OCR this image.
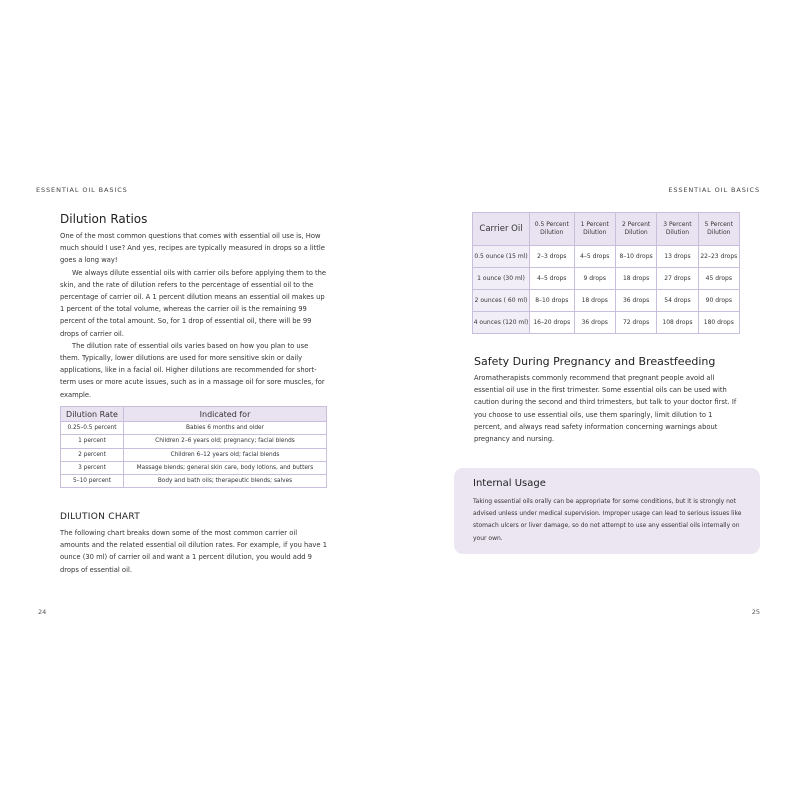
ESSENTIAL OIL BASICS
Dilution Ratios

One of the most common questions that comes with essential oil use is, How much should I use? And yes, recipes are typically measured in drops so a little goes a long way!

We always dilute essential oils with carrier oils before applying them to the skin, and the rate of dilution refers to the percentage of essential oil to the percentage of carrier oil. A 1 percent dilution means an essential oil makes up 1 percent of the total volume, whereas the carrier oil is the remaining 99 percent of the total amount. So, for 1 drop of essential oil, there will be 99 drops of carrier oil.

The dilution rate of essential oils varies based on how you plan to use them. Typically, lower dilutions are used for more sensitive skin or daily applications, like in a facial oil. Higher dilutions are recommended for short-term uses or more acute issues, such as in a massage oil for sore muscles, for example.

Dilution Rate	Indicated for
0.25–0.5 percent	Babies 6 months and older
1 percent	Children 2–6 years old; pregnancy; facial blends
2 percent	Children 6–12 years old; facial blends
3 percent	Massage blends; general skin care, body lotions, and butters
5–10 percent	Body and bath oils; therapeutic blends; salves
DILUTION CHART

The following chart breaks down some of the most common carrier oil amounts and the related essential oil dilution rates. For example, if you have 1 ounce (30 ml) of carrier oil and want a 1 percent dilution, you would add 9 drops of essential oil.

24
ESSENTIAL OIL BASICS
Carrier Oil	0.5 Percent Dilution	1 Percent Dilution	2 Percent Dilution	3 Percent Dilution	5 Percent Dilution
0.5 ounce (15 ml)	2–3 drops	4–5 drops	8–10 drops	13 drops	22–23 drops
1 ounce (30 ml)	4–5 drops	9 drops	18 drops	27 drops	45 drops
2 ounces ( 60 ml)	8–10 drops	18 drops	36 drops	54 drops	90 drops
4 ounces (120 ml)	16–20 drops	36 drops	72 drops	108 drops	180 drops
Safety During Pregnancy and Breastfeeding

Aromatherapists commonly recommend that pregnant people avoid all essential oil use in the first trimester. Some essential oils can be used with caution during the second and third trimesters, but talk to your doctor first. If you choose to use essential oils, use them sparingly, limit dilution to 1 percent, and always read safety information concerning warnings about pregnancy and nursing.

Internal Usage
Taking essential oils orally can be appropriate for some conditions, but it is strongly not advised unless under medical supervision. Improper usage can lead to serious issues like stomach ulcers or liver damage, so do not attempt to use any essential oils internally on your own.
25
